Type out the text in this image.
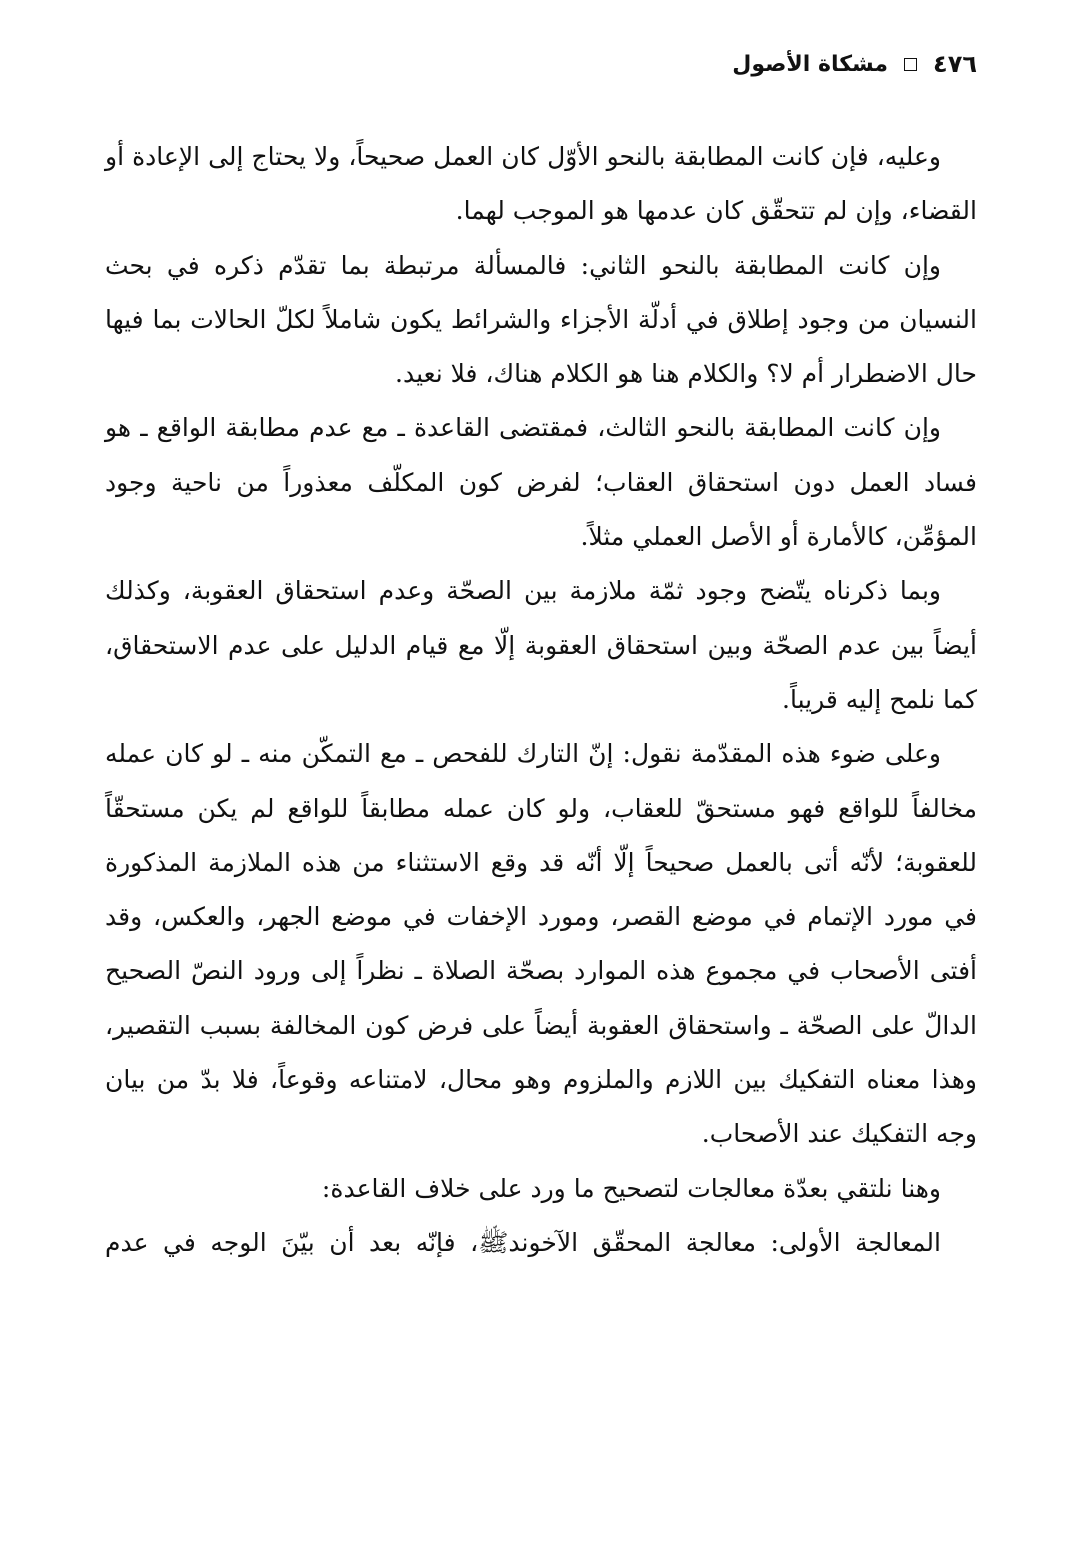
٤٧٦
مشكاة الأصول

وعليه، فإن كانت المطابقة بالنحو الأوّل كان العمل صحيحاً، ولا يحتاج إلى الإعادة أو القضاء، وإن لم تتحقّق كان عدمها هو الموجب لهما.

وإن كانت المطابقة بالنحو الثاني: فالمسألة مرتبطة بما تقدّم ذكره في بحث النسيان من وجود إطلاق في أدلّة الأجزاء والشرائط يكون شاملاً لكلّ الحالات بما فيها حال الاضطرار أم لا؟ والكلام هنا هو الكلام هناك، فلا نعيد.

وإن كانت المطابقة بالنحو الثالث، فمقتضى القاعدة ـ مع عدم مطابقة الواقع ـ هو فساد العمل دون استحقاق العقاب؛ لفرض كون المكلّف معذوراً من ناحية وجود المؤمِّن، كالأمارة أو الأصل العملي مثلاً.

وبما ذكرناه يتّضح وجود ثمّة ملازمة بين الصحّة وعدم استحقاق العقوبة، وكذلك أيضاً بين عدم الصحّة وبين استحقاق العقوبة إلّا مع قيام الدليل على عدم الاستحقاق، كما نلمح إليه قريباً.

وعلى ضوء هذه المقدّمة نقول: إنّ التارك للفحص ـ مع التمكّن منه ـ لو كان عمله مخالفاً للواقع فهو مستحقّ للعقاب، ولو كان عمله مطابقاً للواقع لم يكن مستحقّاً للعقوبة؛ لأنّه أتى بالعمل صحيحاً إلّا أنّه قد وقع الاستثناء من هذه الملازمة المذكورة في مورد الإتمام في موضع القصر، ومورد الإخفات في موضع الجهر، والعكس، وقد أفتى الأصحاب في مجموع هذه الموارد بصحّة الصلاة ـ نظراً إلى ورود النصّ الصحيح الدالّ على الصحّة ـ واستحقاق العقوبة أيضاً على فرض كون المخالفة بسبب التقصير، وهذا معناه التفكيك بين اللازم والملزوم وهو محال، لامتناعه وقوعاً، فلا بدّ من بيان وجه التفكيك عند الأصحاب.

وهنا نلتقي بعدّة معالجات لتصحيح ما ورد على خلاف القاعدة:

المعالجة الأولى: معالجة المحقّق الآخوندﷺ، فإنّه بعد أن بيّنَ الوجه في عدم
